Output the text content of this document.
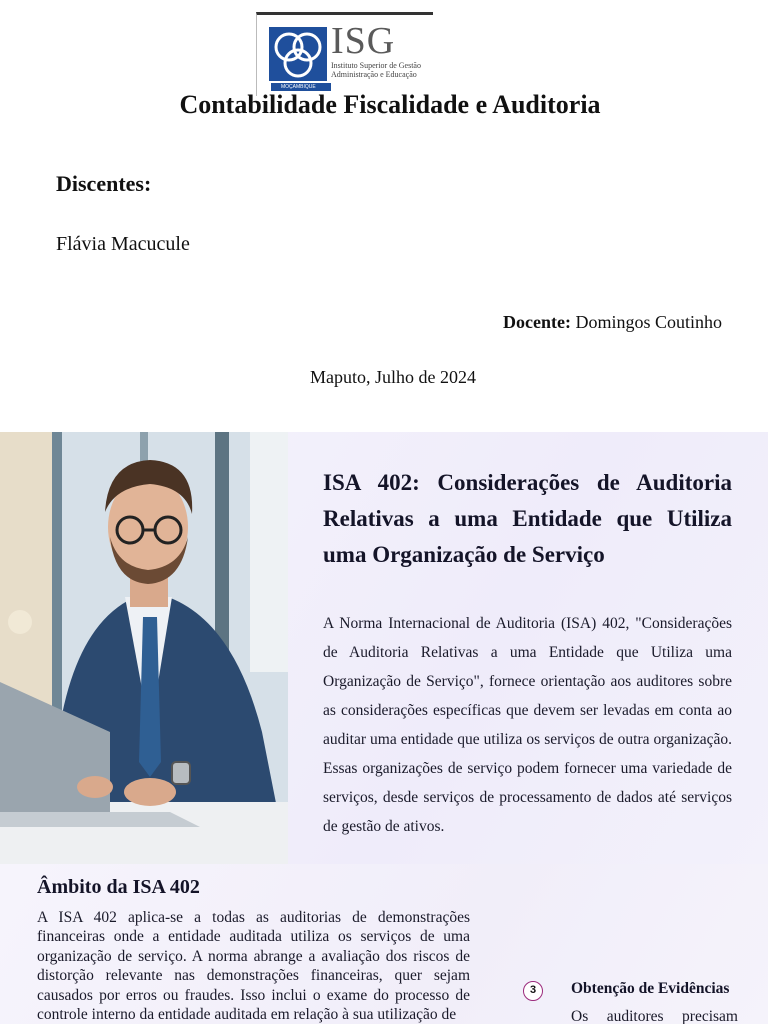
ISG
Instituto Superior de Gestão
Administração e Educação
MOÇAMBIQUE
Contabilidade Fiscalidade e Auditoria
Discentes:
Flávia Macucule
Docente: Domingos Coutinho
Maputo, Julho de 2024
ISA 402: Considerações de Auditoria Relativas a uma Entidade que Utiliza uma Organização de Serviço

A Norma Internacional de Auditoria (ISA) 402, "Considerações de Auditoria Relativas a uma Entidade que Utiliza uma Organização de Serviço", fornece orientação aos auditores sobre as considerações específicas que devem ser levadas em conta ao auditar uma entidade que utiliza os serviços de outra organização. Essas organizações de serviço podem fornecer uma variedade de serviços, desde serviços de processamento de dados até serviços de gestão de ativos.

Âmbito da ISA 402

A ISA 402 aplica-se a todas as auditorias de demonstrações financeiras onde a entidade auditada utiliza os serviços de uma organização de serviço. A norma abrange a avaliação dos riscos de distorção relevante nas demonstrações financeiras, quer sejam causados por erros ou fraudes. Isso inclui o exame do processo de controle interno da entidade auditada em relação à sua utilização de

3	Obtenção de Evidências
Os auditores precisam
